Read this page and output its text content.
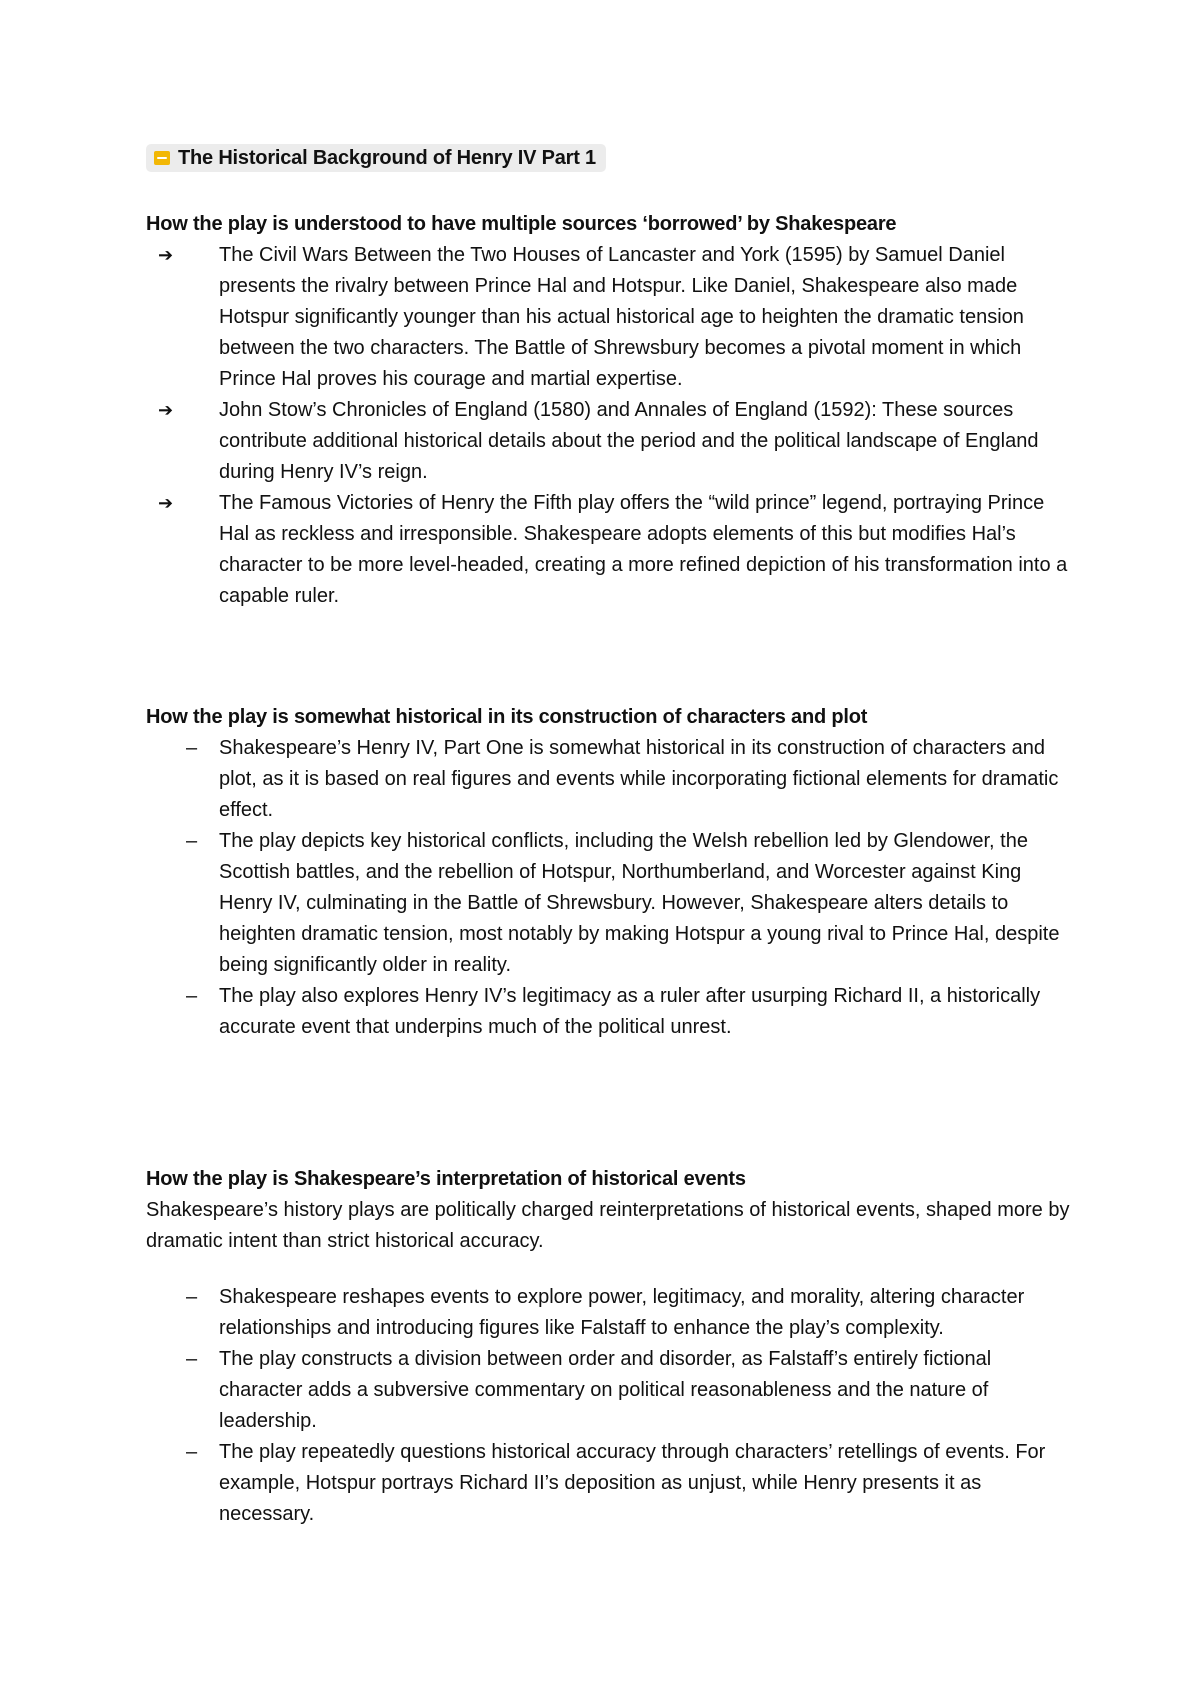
The Historical Background of Henry IV Part 1

How the play is understood to have multiple sources ‘borrowed’ by Shakespeare

➔	The Civil Wars Between the Two Houses of Lancaster and York (1595) by Samuel Daniel presents the rivalry between Prince Hal and Hotspur. Like Daniel, Shakespeare also made Hotspur significantly younger than his actual historical age to heighten the dramatic tension between the two characters. The Battle of Shrewsbury becomes a pivotal moment in which Prince Hal proves his courage and martial expertise.
➔	John Stow’s Chronicles of England (1580) and Annales of England (1592): These sources contribute additional historical details about the period and the political landscape of England during Henry IV’s reign.
➔	The Famous Victories of Henry the Fifth play offers the “wild prince” legend, portraying Prince Hal as reckless and irresponsible. Shakespeare adopts elements of this but modifies Hal’s character to be more level-headed, creating a more refined depiction of his transformation into a capable ruler.

How the play is somewhat historical in its construction of characters and plot

–	Shakespeare’s Henry IV, Part One is somewhat historical in its construction of characters and plot, as it is based on real figures and events while incorporating fictional elements for dramatic effect.
–	The play depicts key historical conflicts, including the Welsh rebellion led by Glendower, the Scottish battles, and the rebellion of Hotspur, Northumberland, and Worcester against King Henry IV, culminating in the Battle of Shrewsbury. However, Shakespeare alters details to heighten dramatic tension, most notably by making Hotspur a young rival to Prince Hal, despite being significantly older in reality.
–	The play also explores Henry IV’s legitimacy as a ruler after usurping Richard II, a historically accurate event that underpins much of the political unrest.

How the play is Shakespeare’s interpretation of historical events

Shakespeare’s history plays are politically charged reinterpretations of historical events, shaped more by dramatic intent than strict historical accuracy.

–	Shakespeare reshapes events to explore power, legitimacy, and morality, altering character relationships and introducing figures like Falstaff to enhance the play’s complexity.
–	The play constructs a division between order and disorder, as Falstaff’s entirely fictional character adds a subversive commentary on political reasonableness and the nature of leadership.
–	The play repeatedly questions historical accuracy through characters’ retellings of events. For example, Hotspur portrays Richard II’s deposition as unjust, while Henry presents it as necessary.
